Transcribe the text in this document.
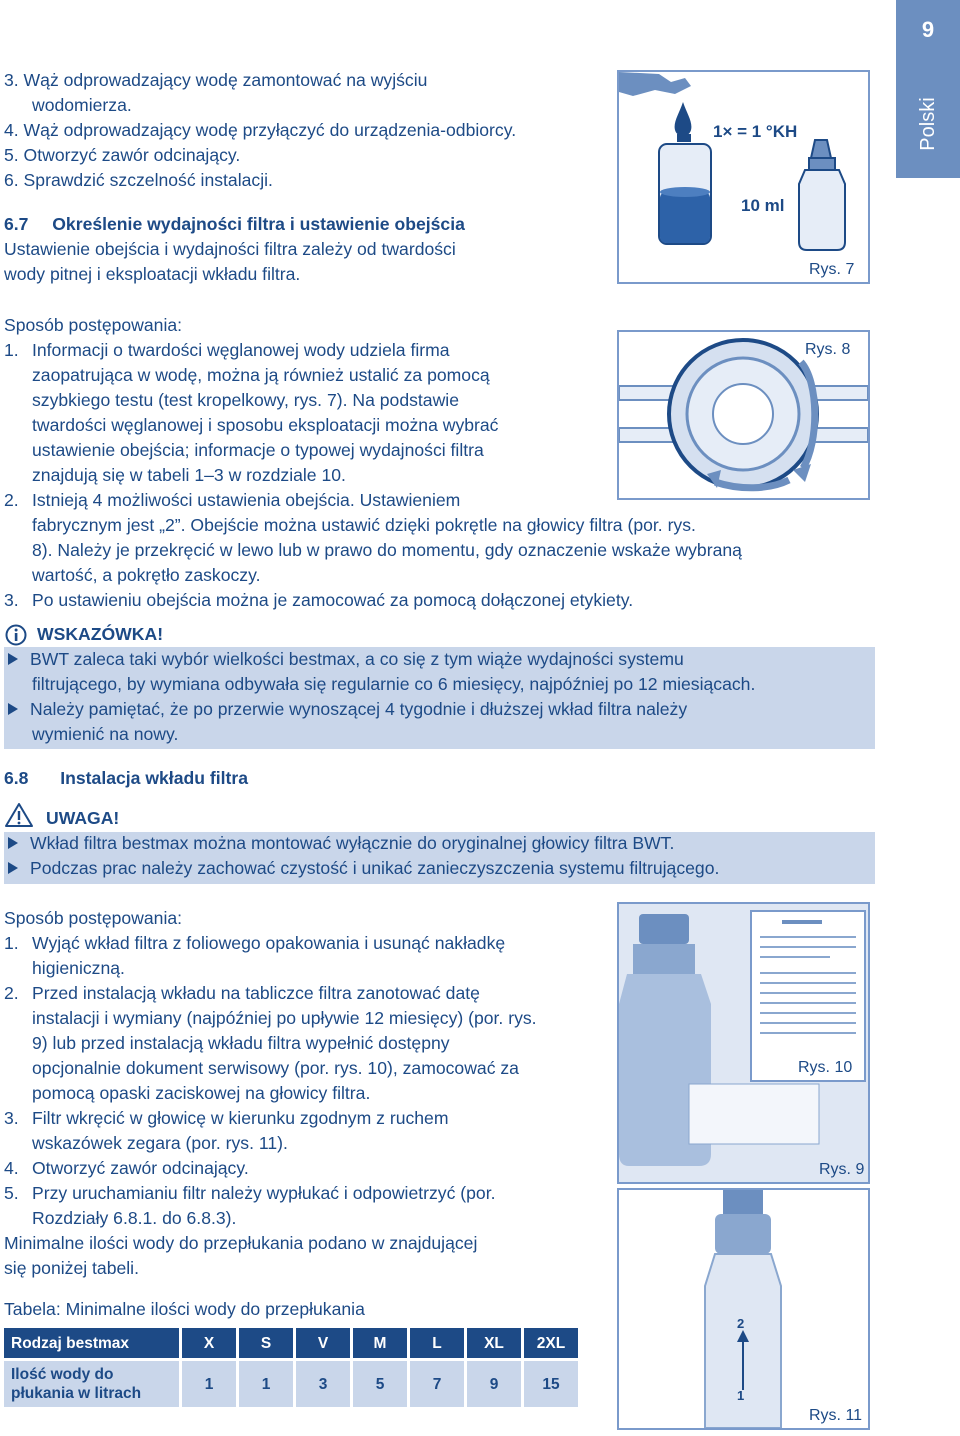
9
Polski
3. Wąż odprowadzający wodę zamontować na wyjściu
wodomierza.
4. Wąż odprowadzający wodę przyłączyć do urządzenia-odbiorcy.
5. Otworzyć zawór odcinający.
6. Sprawdzić szczelność instalacji.
6.7 Określenie wydajności filtra i ustawienie obejścia
Ustawienie obejścia i wydajności filtra zależy od twardości
wody pitnej i eksploatacji wkładu filtra.
Sposób postępowania:
1. Informacji o twardości węglanowej wody udziela firma
zaopatrująca w wodę, można ją również ustalić za pomocą
szybkiego testu (test kropelkowy, rys. 7). Na podstawie
twardości węglanowej i sposobu eksploatacji można wybrać
ustawienie obejścia; informacje o typowej wydajności filtra
znajdują się w tabeli 1–3 w rozdziale 10.
2. Istnieją 4 możliwości ustawienia obejścia. Ustawieniem
fabrycznym jest „2”. Obejście można ustawić dzięki pokrętle na głowicy filtra (por. rys.
8). Należy je przekręcić w lewo lub w prawo do momentu, gdy oznaczenie wskaże wybraną
wartość, a pokrętło zaskoczy.
3. Po ustawieniu obejścia można je zamocować za pomocą dołączonej etykiety.
1× = 1 °KH
10 ml
Rys. 7
Rys. 8
WSKAZÓWKA!
BWT zaleca taki wybór wielkości bestmax, a co się z tym wiąże wydajności systemu
filtrującego, by wymiana odbywała się regularnie co 6 miesięcy, najpóźniej po 12 miesiącach.
Należy pamiętać, że po przerwie wynoszącej 4 tygodnie i dłuższej wkład filtra należy
wymienić na nowy.
6.8 Instalacja wkładu filtra
UWAGA!
Wkład filtra bestmax można montować wyłącznie do oryginalnej głowicy filtra BWT.
Podczas prac należy zachować czystość i unikać zanieczyszczenia systemu filtrującego.
Sposób postępowania:
1. Wyjąć wkład filtra z foliowego opakowania i usunąć nakładkę
higieniczną.
2. Przed instalacją wkładu na tabliczce filtra zanotować datę
instalacji i wymiany (najpóźniej po upływie 12 miesięcy) (por. rys.
9) lub przed instalacją wkładu filtra wypełnić dostępny
opcjonalnie dokument serwisowy (por. rys. 10), zamocować za
pomocą opaski zaciskowej na głowicy filtra.
3. Filtr wkręcić w głowicę w kierunku zgodnym z ruchem
wskazówek zegara (por. rys. 11).
4. Otworzyć zawór odcinający.
5. Przy uruchamianiu filtr należy wypłukać i odpowietrzyć (por.
Rozdziały 6.8.1. do 6.8.3).
Minimalne ilości wody do przepłukania podano w znajdującej
się poniżej tabeli.
Rys. 9
Rys. 10
2
1
Rys. 11
Tabela: Minimalne ilości wody do przepłukania
Rodzaj bestmax	X	S	V	M	L	XL	2XL
Ilość wody do
płukania w litrach	1	1	3	5	7	9	15
